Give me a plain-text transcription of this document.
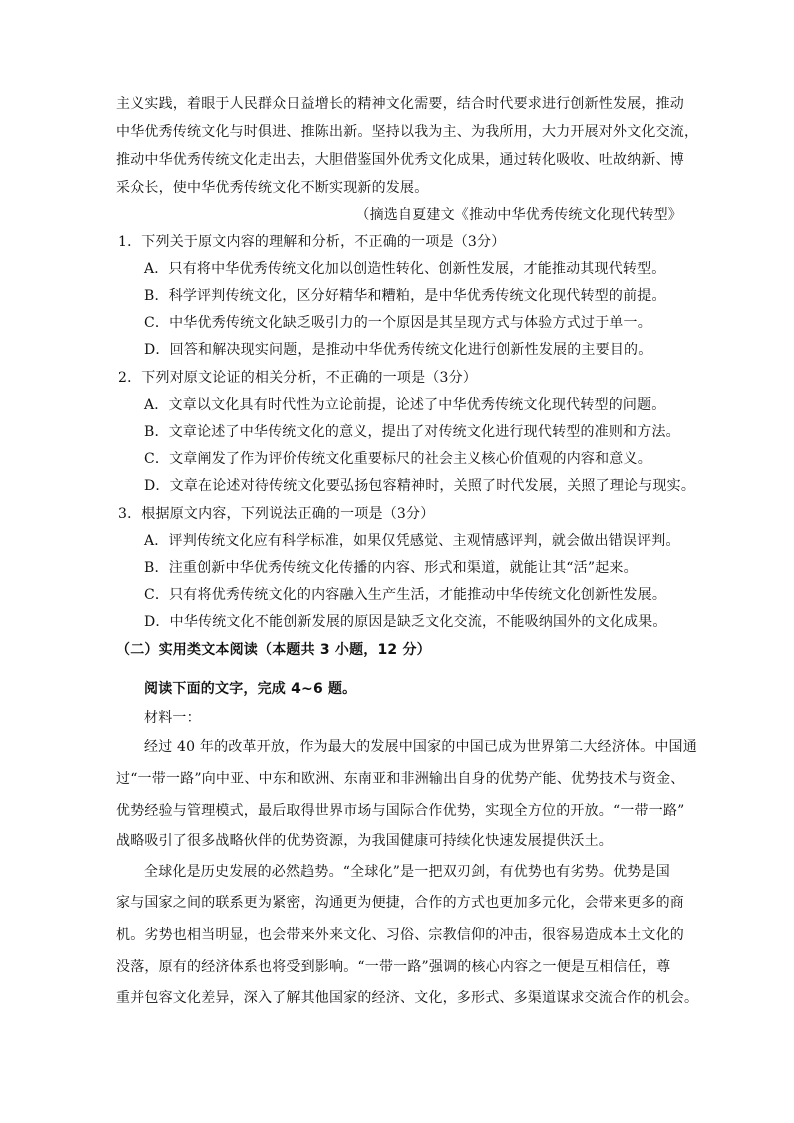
主义实践，着眼于人民群众日益增长的精神文化需要，结合时代要求进行创新性发展，推动
中华优秀传统文化与时俱进、推陈出新。坚持以我为主、为我所用，大力开展对外文化交流，
推动中华优秀传统文化走出去，大胆借鉴国外优秀文化成果，通过转化吸收、吐故纳新、博
采众长，使中华优秀传统文化不断实现新的发展。
（摘选自夏建文《推动中华优秀传统文化现代转型》
1．下列关于原文内容的理解和分析，不正确的一项是（3分）
A．只有将中华优秀传统文化加以创造性转化、创新性发展，才能推动其现代转型。
B．科学评判传统文化，区分好精华和糟粕，是中华优秀传统文化现代转型的前提。
C．中华优秀传统文化缺乏吸引力的一个原因是其呈现方式与体验方式过于单一。
D．回答和解决现实问题，是推动中华优秀传统文化进行创新性发展的主要目的。
2．下列对原文论证的相关分析，不正确的一项是（3分）
A．文章以文化具有时代性为立论前提，论述了中华优秀传统文化现代转型的问题。
B．文章论述了中华传统文化的意义，提出了对传统文化进行现代转型的准则和方法。
C．文章阐发了作为评价传统文化重要标尺的社会主义核心价值观的内容和意义。
D．文章在论述对待传统文化要弘扬包容精神时，关照了时代发展，关照了理论与现实。
3．根据原文内容，下列说法正确的一项是（3分）
A．评判传统文化应有科学标准，如果仅凭感觉、主观情感评判，就会做出错误评判。
B．注重创新中华优秀传统文化传播的内容、形式和渠道，就能让其“活”起来。
C．只有将优秀传统文化的内容融入生产生活，才能推动中华传统文化创新性发展。
D．中华传统文化不能创新发展的原因是缺乏文化交流，不能吸纳国外的文化成果。
（二）实用类文本阅读（本题共 3 小题，12 分）
阅读下面的文字，完成 4~6 题。
材料一：
经过 40 年的改革开放，作为最大的发展中国家的中国已成为世界第二大经济体。中国通
过“一带一路”向中亚、中东和欧洲、东南亚和非洲输出自身的优势产能、优势技术与资金、
优势经验与管理模式，最后取得世界市场与国际合作优势，实现全方位的开放。“一带一路”
战略吸引了很多战略伙伴的优势资源，为我国健康可持续化快速发展提供沃土。
全球化是历史发展的必然趋势。“全球化”是一把双刃剑，有优势也有劣势。优势是国
家与国家之间的联系更为紧密，沟通更为便捷，合作的方式也更加多元化，会带来更多的商
机。劣势也相当明显，也会带来外来文化、习俗、宗教信仰的冲击，很容易造成本土文化的
没落，原有的经济体系也将受到影响。“一带一路”强调的核心内容之一便是互相信任，尊
重并包容文化差异，深入了解其他国家的经济、文化，多形式、多渠道谋求交流合作的机会。
